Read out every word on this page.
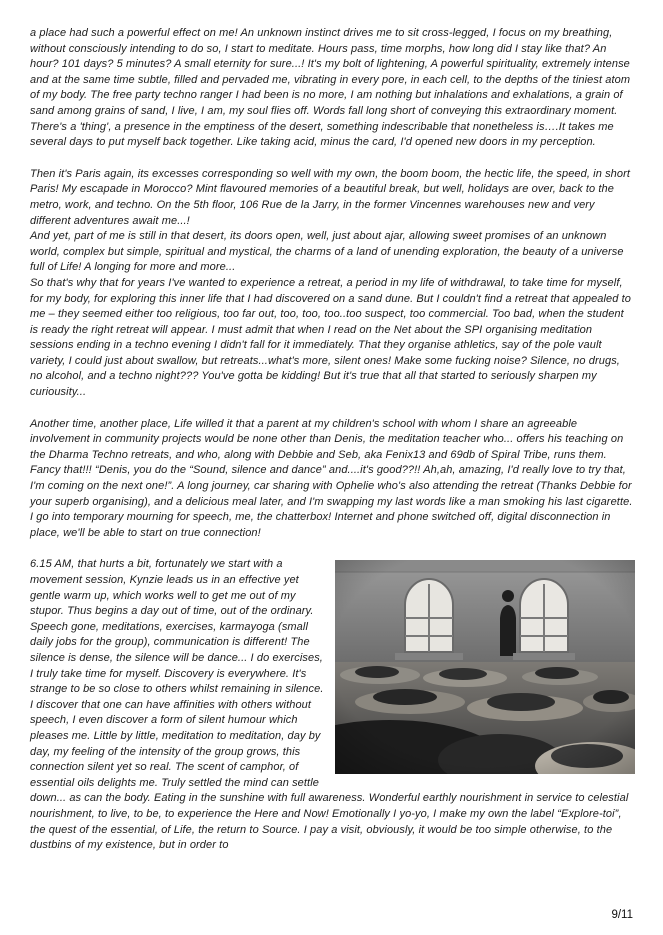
a place had such a powerful effect on me! An unknown instinct drives me to sit cross-legged, I focus on my breathing, without consciously intending to do so, I start to meditate. Hours pass, time morphs, how long did I stay like that? An hour? 101 days? 5 minutes? A small eternity for sure...! It's my bolt of lightening, A powerful spirituality, extremely intense and at the same time subtle, filled and pervaded me, vibrating in every pore, in each cell, to the depths of the tiniest atom of my body. The free party techno ranger I had been is no more, I am nothing but inhalations and exhalations, a grain of sand among grains of sand, I live, I am, my soul flies off. Words fall long short of conveying this extraordinary moment. There's a 'thing', a presence in the emptiness of the desert, something indescribable that nonetheless is….It takes me several days to put myself back together. Like taking acid, minus the card, I'd opened new doors in my perception.

Then it's Paris again, its excesses corresponding so well with my own, the boom boom, the hectic life, the speed, in short Paris! My escapade in Morocco? Mint flavoured memories of a beautiful break, but well, holidays are over, back to the metro, work, and techno. On the 5th floor, 106 Rue de la Jarry, in the former Vincennes warehouses new and very different adventures await me...!

And yet, part of me is still in that desert, its doors open, well, just about ajar, allowing sweet promises of an unknown world, complex but simple, spiritual and mystical, the charms of a land of unending exploration, the beauty of a universe full of Life! A longing for more and more...

So that's why that for years I've wanted to experience a retreat, a period in my life of withdrawal, to take time for myself, for my body, for exploring this inner life that I had discovered on a sand dune. But I couldn't find a retreat that appealed to me – they seemed either too religious, too far out, too, too, too..too suspect, too commercial. Too bad, when the student is ready the right retreat will appear. I must admit that when I read on the Net about the SPI organising meditation sessions ending in a techno evening I didn't fall for it immediately. That they organise athletics, say of the pole vault variety, I could just about swallow, but retreats...what's more, silent ones! Make some fucking noise? Silence, no drugs, no alcohol, and a techno night??? You've gotta be kidding! But it's true that all that started to seriously sharpen my curiousity...

Another time, another place, Life willed it that a parent at my children's school with whom I share an agreeable involvement in community projects would be none other than Denis, the meditation teacher who... offers his teaching on the Dharma Techno retreats, and who, along with Debbie and Seb, aka Fenix13 and 69db of Spiral Tribe, runs them. Fancy that!!! “Denis, you do the “Sound, silence and dance” and....it's good??!! Ah,ah, amazing, I'd really love to try that, I'm coming on the next one!”. A long journey, car sharing with Ophelie who's also attending the retreat (Thanks Debbie for your superb organising), and a delicious meal later, and I'm swapping my last words like a man smoking his last cigarette. I go into temporary mourning for speech, me, the chatterbox! Internet and phone switched off, digital disconnection in place, we'll be able to start on true connection!

6.15 AM, that hurts a bit, fortunately we start with a movement session, Kynzie leads us in an effective yet gentle warm up, which works well to get me out of my stupor. Thus begins a day out of time, out of the ordinary. Speech gone, meditations, exercises, karmayoga (small daily jobs for the group), communication is different! The silence is dense, the silence will be dance... I do exercises, I truly take time for myself. Discovery is everywhere. It's strange to be so close to others whilst remaining in silence. I discover that one can have affinities with others without speech, I even discover a form of silent humour which pleases me. Little by little, meditation to meditation, day by day, my feeling of the intensity of the group grows, this connection silent yet so real. The scent of camphor, of essential oils delights me. Truly settled the mind can settle down... as can the body. Eating in the sunshine with full awareness. Wonderful earthly nourishment in service to celestial nourishment, to live, to be, to experience the Here and Now! Emotionally I yo-yo, I make my own the label “Explore-toi”, the quest of the essential, of Life, the return to Source. I pay a visit, obviously, it would be too simple otherwise, to the dustbins of my existence, but in order to

9/11
